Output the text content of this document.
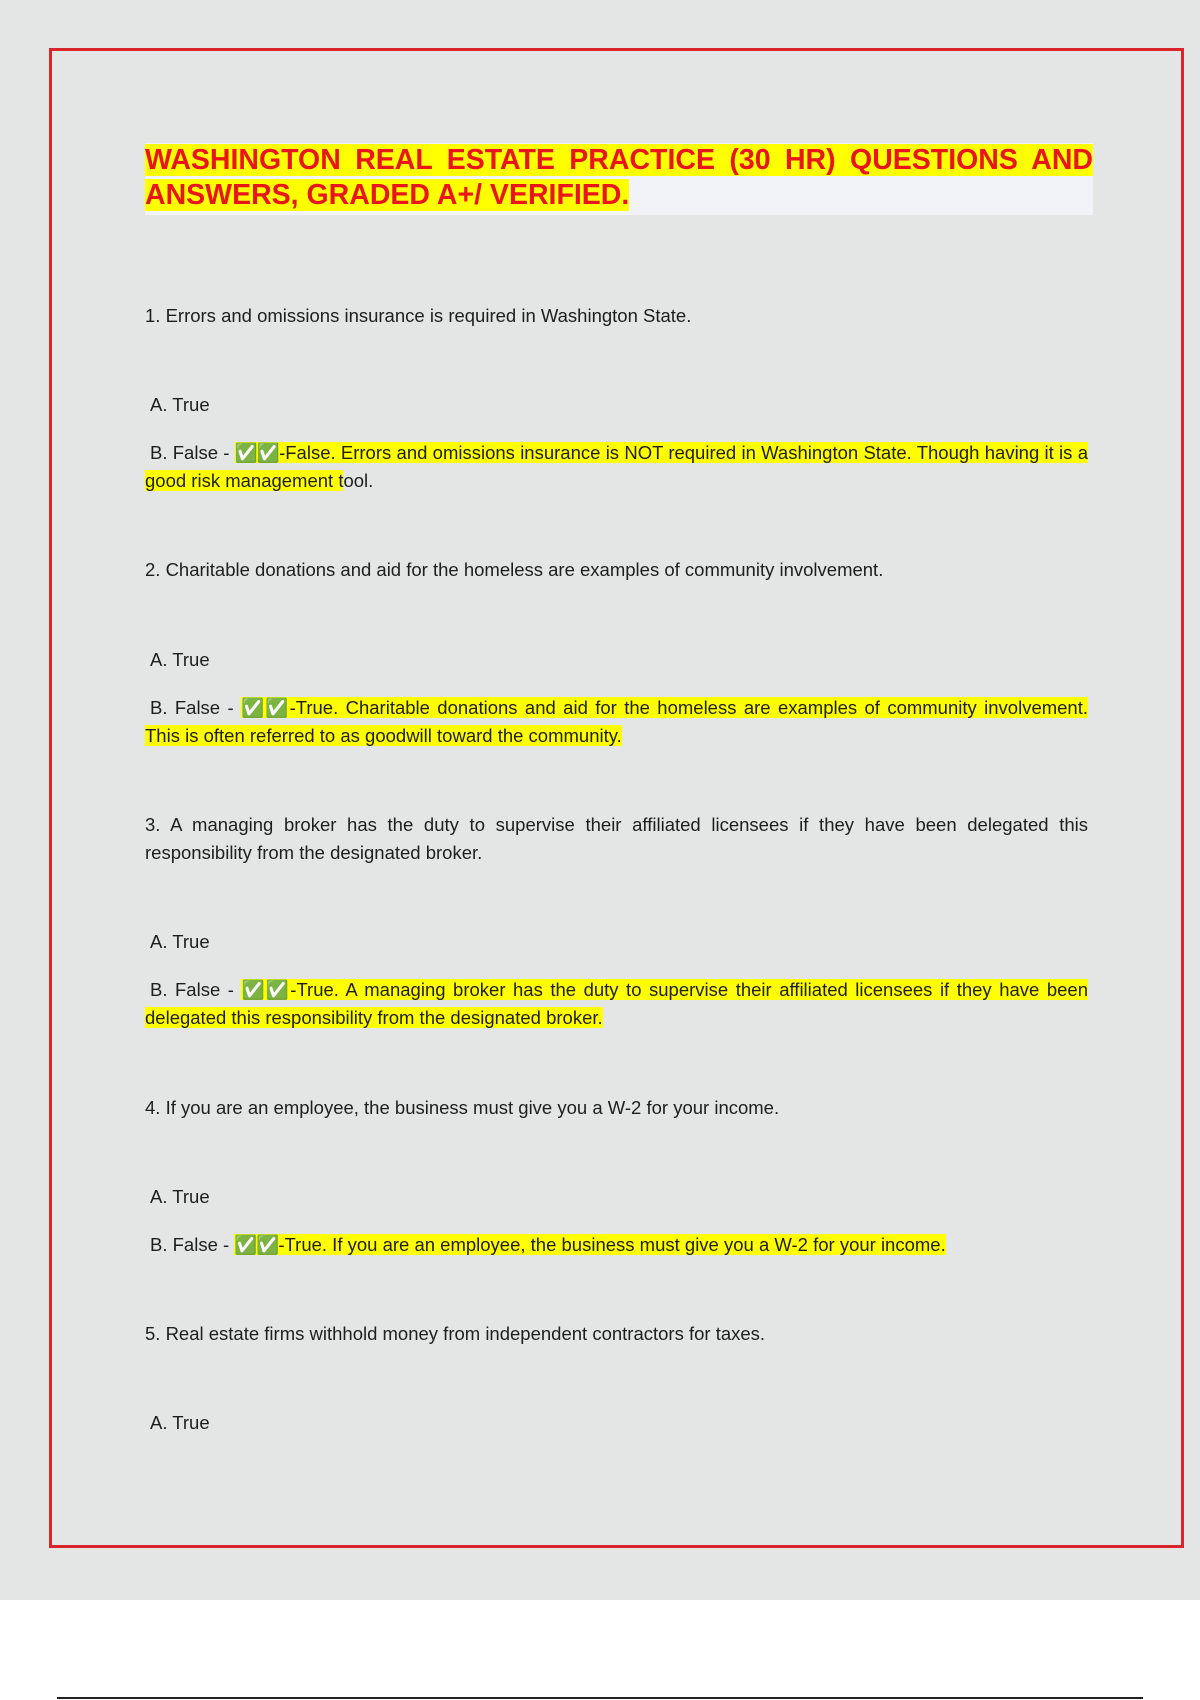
WASHINGTON REAL ESTATE PRACTICE (30 HR) QUESTIONS AND ANSWERS, GRADED A+/ VERIFIED.

1. Errors and omissions insurance is required in Washington State.

A. True

B. False - ✅✅-False. Errors and omissions insurance is NOT required in Washington State. Though having it is a good risk management tool.

2. Charitable donations and aid for the homeless are examples of community involvement.

A. True

B. False - ✅✅-True. Charitable donations and aid for the homeless are examples of community involvement. This is often referred to as goodwill toward the community.

3. A managing broker has the duty to supervise their affiliated licensees if they have been delegated this responsibility from the designated broker.

A. True

B. False - ✅✅-True. A managing broker has the duty to supervise their affiliated licensees if they have been delegated this responsibility from the designated broker.

4. If you are an employee, the business must give you a W-2 for your income.

A. True

B. False - ✅✅-True. If you are an employee, the business must give you a W-2 for your income.

5. Real estate firms withhold money from independent contractors for taxes.

A. True
